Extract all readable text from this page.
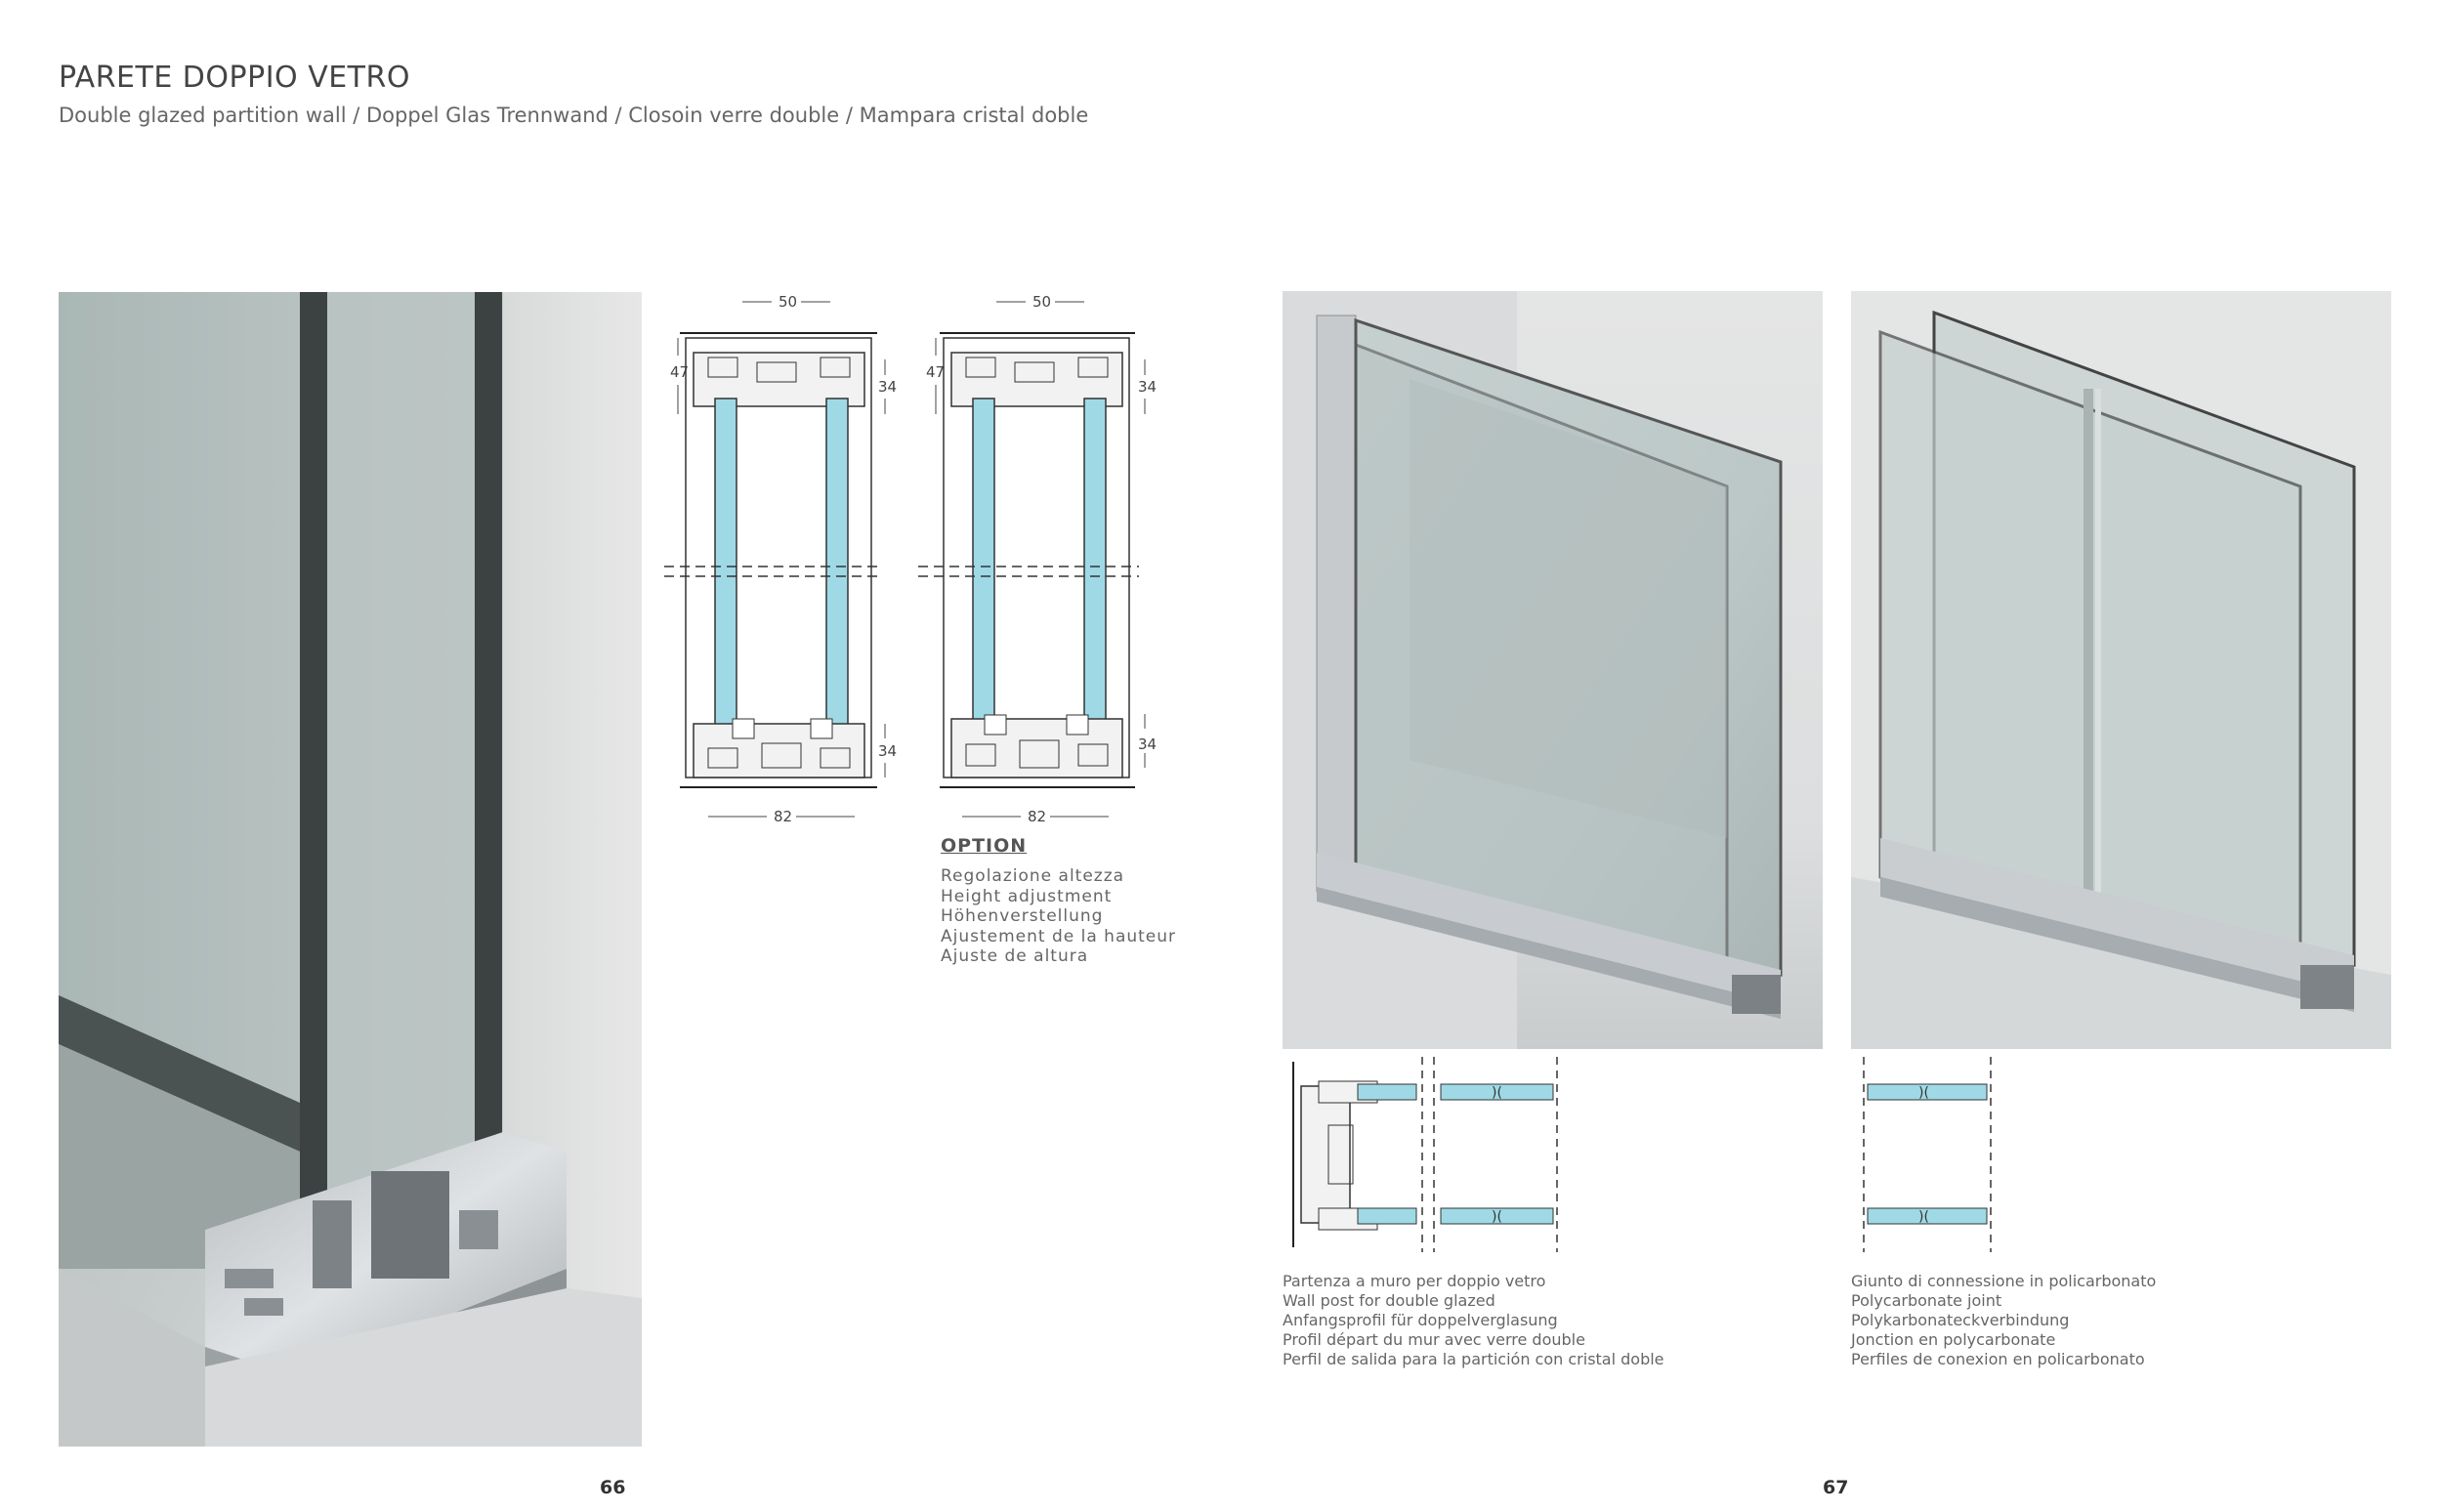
PARETE DOPPIO VETRO
Double glazed partition wall / Doppel Glas Trennwand / Closoin verre double / Mampara cristal doble
50
47
34
34
82
50
47
34
34
82
OPTION
Regolazione altezza
Height adjustment
Höhenverstellung
Ajustement de la hauteur
Ajuste de altura
)(
)(
)(
)(
Partenza a muro per doppio vetro
Wall post for double glazed
Anfangsprofil für doppelverglasung
Profil départ du mur avec verre double
Perfil de salida para la partición con cristal doble
Giunto di connessione in policarbonato
Polycarbonate joint
Polykarbonateckverbindung
Jonction en polycarbonate
Perfiles de conexion en policarbonato
66	67
